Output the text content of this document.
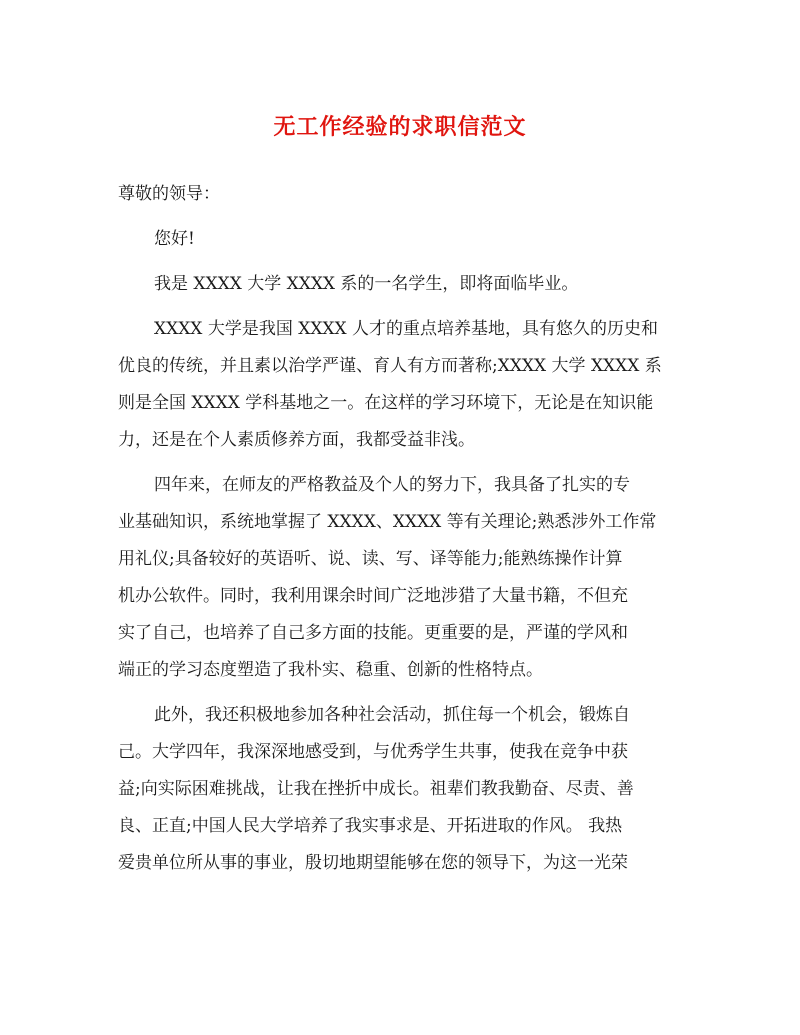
无工作经验的求职信范文
尊敬的领导：
您好!
我是 XXXX 大学 XXXX 系的一名学生，即将面临毕业。
XXXX 大学是我国 XXXX 人才的重点培养基地，具有悠久的历史和
优良的传统，并且素以治学严谨、育人有方而著称;XXXX 大学 XXXX 系
则是全国 XXXX 学科基地之一。在这样的学习环境下，无论是在知识能
力，还是在个人素质修养方面，我都受益非浅。
四年来，在师友的严格教益及个人的努力下，我具备了扎实的专
业基础知识，系统地掌握了 XXXX、XXXX 等有关理论;熟悉涉外工作常
用礼仪;具备较好的英语听、说、读、写、译等能力;能熟练操作计算
机办公软件。同时，我利用课余时间广泛地涉猎了大量书籍，不但充
实了自己，也培养了自己多方面的技能。更重要的是，严谨的学风和
端正的学习态度塑造了我朴实、稳重、创新的性格特点。
此外，我还积极地参加各种社会活动，抓住每一个机会，锻炼自
己。大学四年，我深深地感受到，与优秀学生共事，使我在竞争中获
益;向实际困难挑战，让我在挫折中成长。祖辈们教我勤奋、尽责、善
良、正直;中国人民大学培养了我实事求是、开拓进取的作风。 我热
爱贵单位所从事的事业，殷切地期望能够在您的领导下，为这一光荣
